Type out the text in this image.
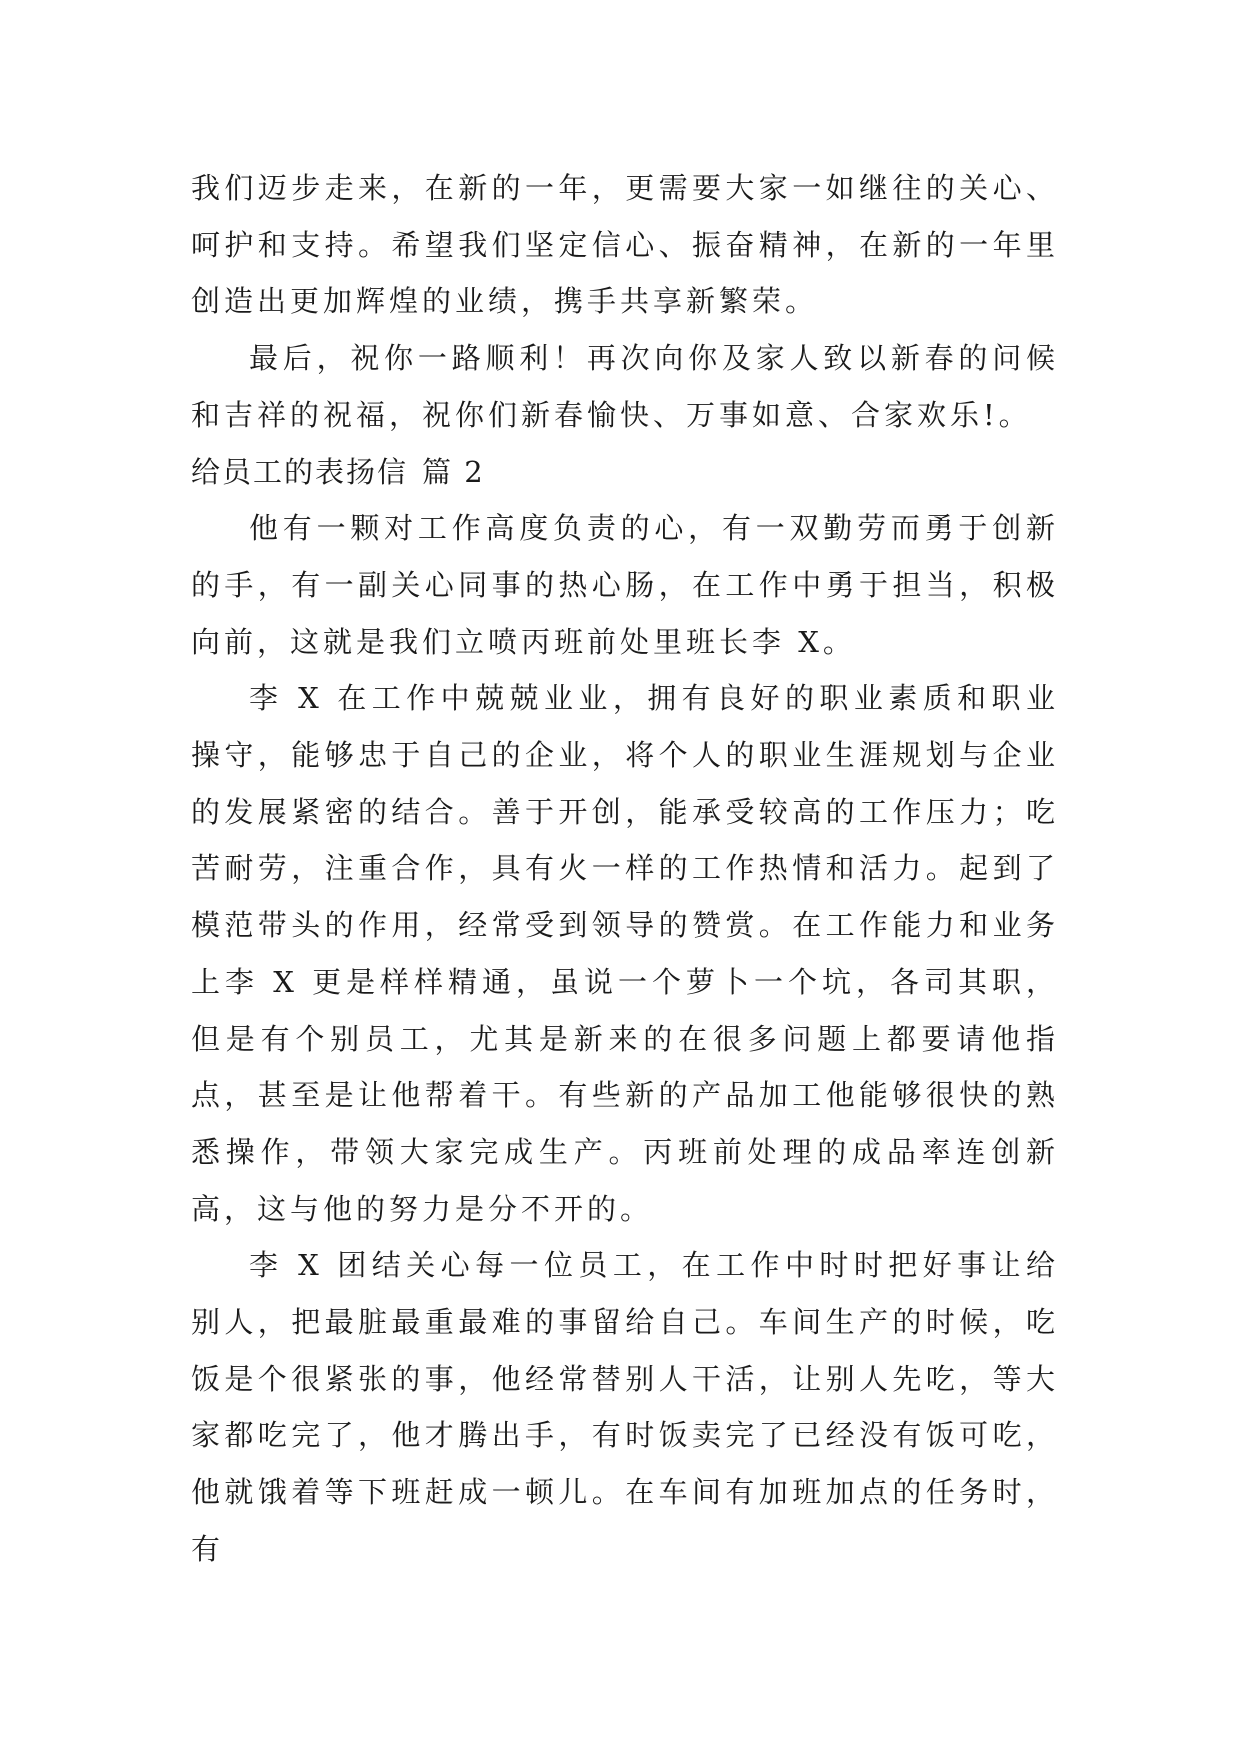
我们迈步走来，在新的一年，更需要大家一如继往的关心、呵护和支持。希望我们坚定信心、振奋精神，在新的一年里创造出更加辉煌的业绩，携手共享新繁荣。

最后，祝你一路顺利！再次向你及家人致以新春的问候和吉祥的祝福，祝你们新春愉快、万事如意、合家欢乐!。

给员工的表扬信 篇 2

他有一颗对工作高度负责的心，有一双勤劳而勇于创新的手，有一副关心同事的热心肠，在工作中勇于担当，积极向前，这就是我们立喷丙班前处里班长李 X。

李 X 在工作中兢兢业业，拥有良好的职业素质和职业操守，能够忠于自己的企业，将个人的职业生涯规划与企业的发展紧密的结合。善于开创，能承受较高的工作压力；吃苦耐劳，注重合作，具有火一样的工作热情和活力。起到了模范带头的作用，经常受到领导的赞赏。在工作能力和业务上李 X 更是样样精通，虽说一个萝卜一个坑，各司其职，但是有个别员工，尤其是新来的在很多问题上都要请他指点，甚至是让他帮着干。有些新的产品加工他能够很快的熟悉操作，带领大家完成生产。丙班前处理的成品率连创新高，这与他的努力是分不开的。

李 X 团结关心每一位员工，在工作中时时把好事让给别人，把最脏最重最难的事留给自己。车间生产的时候，吃饭是个很紧张的事，他经常替别人干活，让别人先吃，等大家都吃完了，他才腾出手，有时饭卖完了已经没有饭可吃，他就饿着等下班赶成一顿儿。在车间有加班加点的任务时，有
